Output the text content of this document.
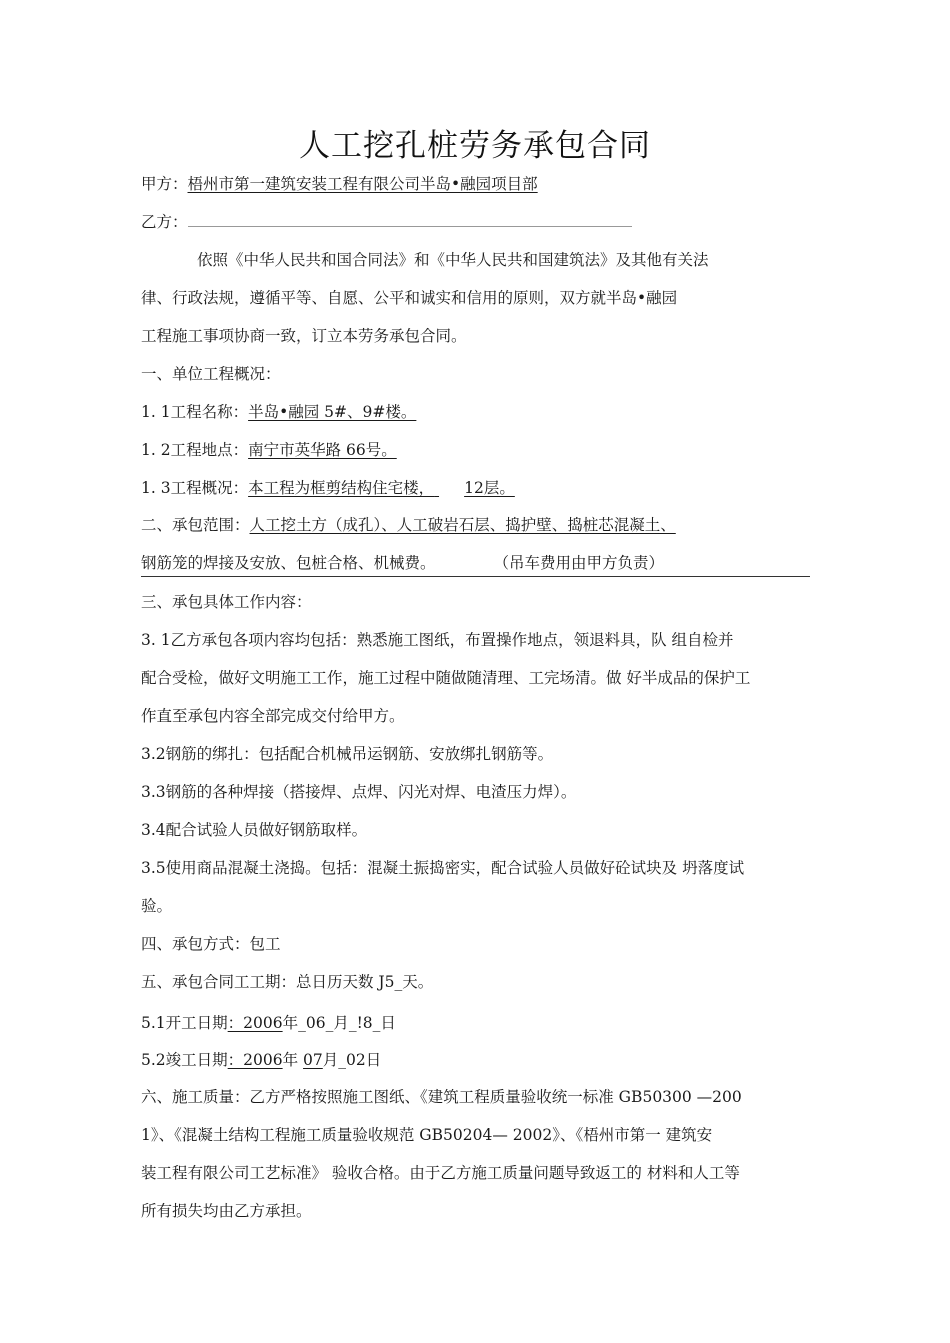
人工挖孔桩劳务承包合同
甲方：梧州市第一建筑安装工程有限公司半岛•融园项目部
乙方：
依照《中华人民共和国合同法》和《中华人民共和国建筑法》及其他有关法
律、行政法规，遵循平等、自愿、公平和诚实和信用的原则，双方就半岛•融园
工程施工事项协商一致，订立本劳务承包合同。
一、单位工程概况：
1. 1工程名称：半岛•融园 5#、9#楼。
1. 2工程地点：南宁市英华路 66号。
1. 3工程概况：本工程为框剪结构住宅楼， 12层。
二、承包范围：人工挖土方（成孔）、人工破岩石层、捣护壁、捣桩芯混凝土、
钢筋笼的焊接及安放、包桩合格、机械费。	（吊车费用由甲方负责）
三、承包具体工作内容：
3. 1乙方承包各项内容均包括：熟悉施工图纸，布置操作地点，领退料具，队 组自检并
配合受检，做好文明施工工作，施工过程中随做随清理、工完场清。做 好半成品的保护工
作直至承包内容全部完成交付给甲方。
3.2钢筋的绑扎：包括配合机械吊运钢筋、安放绑扎钢筋等。
3.3钢筋的各种焊接（搭接焊、点焊、闪光对焊、电渣压力焊）。
3.4配合试验人员做好钢筋取样。
3.5使用商品混凝土浇捣。包括：混凝土振捣密实，配合试验人员做好砼试块及 坍落度试
验。
四、承包方式：包工
五、承包合同工工期：总日历天数 J5_天。
5.1开工日期：2006年_06_月_!8_日
5.2竣工日期：2006年 07月_02日
六、施工质量：乙方严格按照施工图纸、《建筑工程质量验收统一标准 GB50300 —200
1》、《混凝土结构工程施工质量验收规范 GB50204— 2002》、《梧州市第一 建筑安
装工程有限公司工艺标准》 验收合格。由于乙方施工质量问题导致返工的 材料和人工等
所有损失均由乙方承担。
